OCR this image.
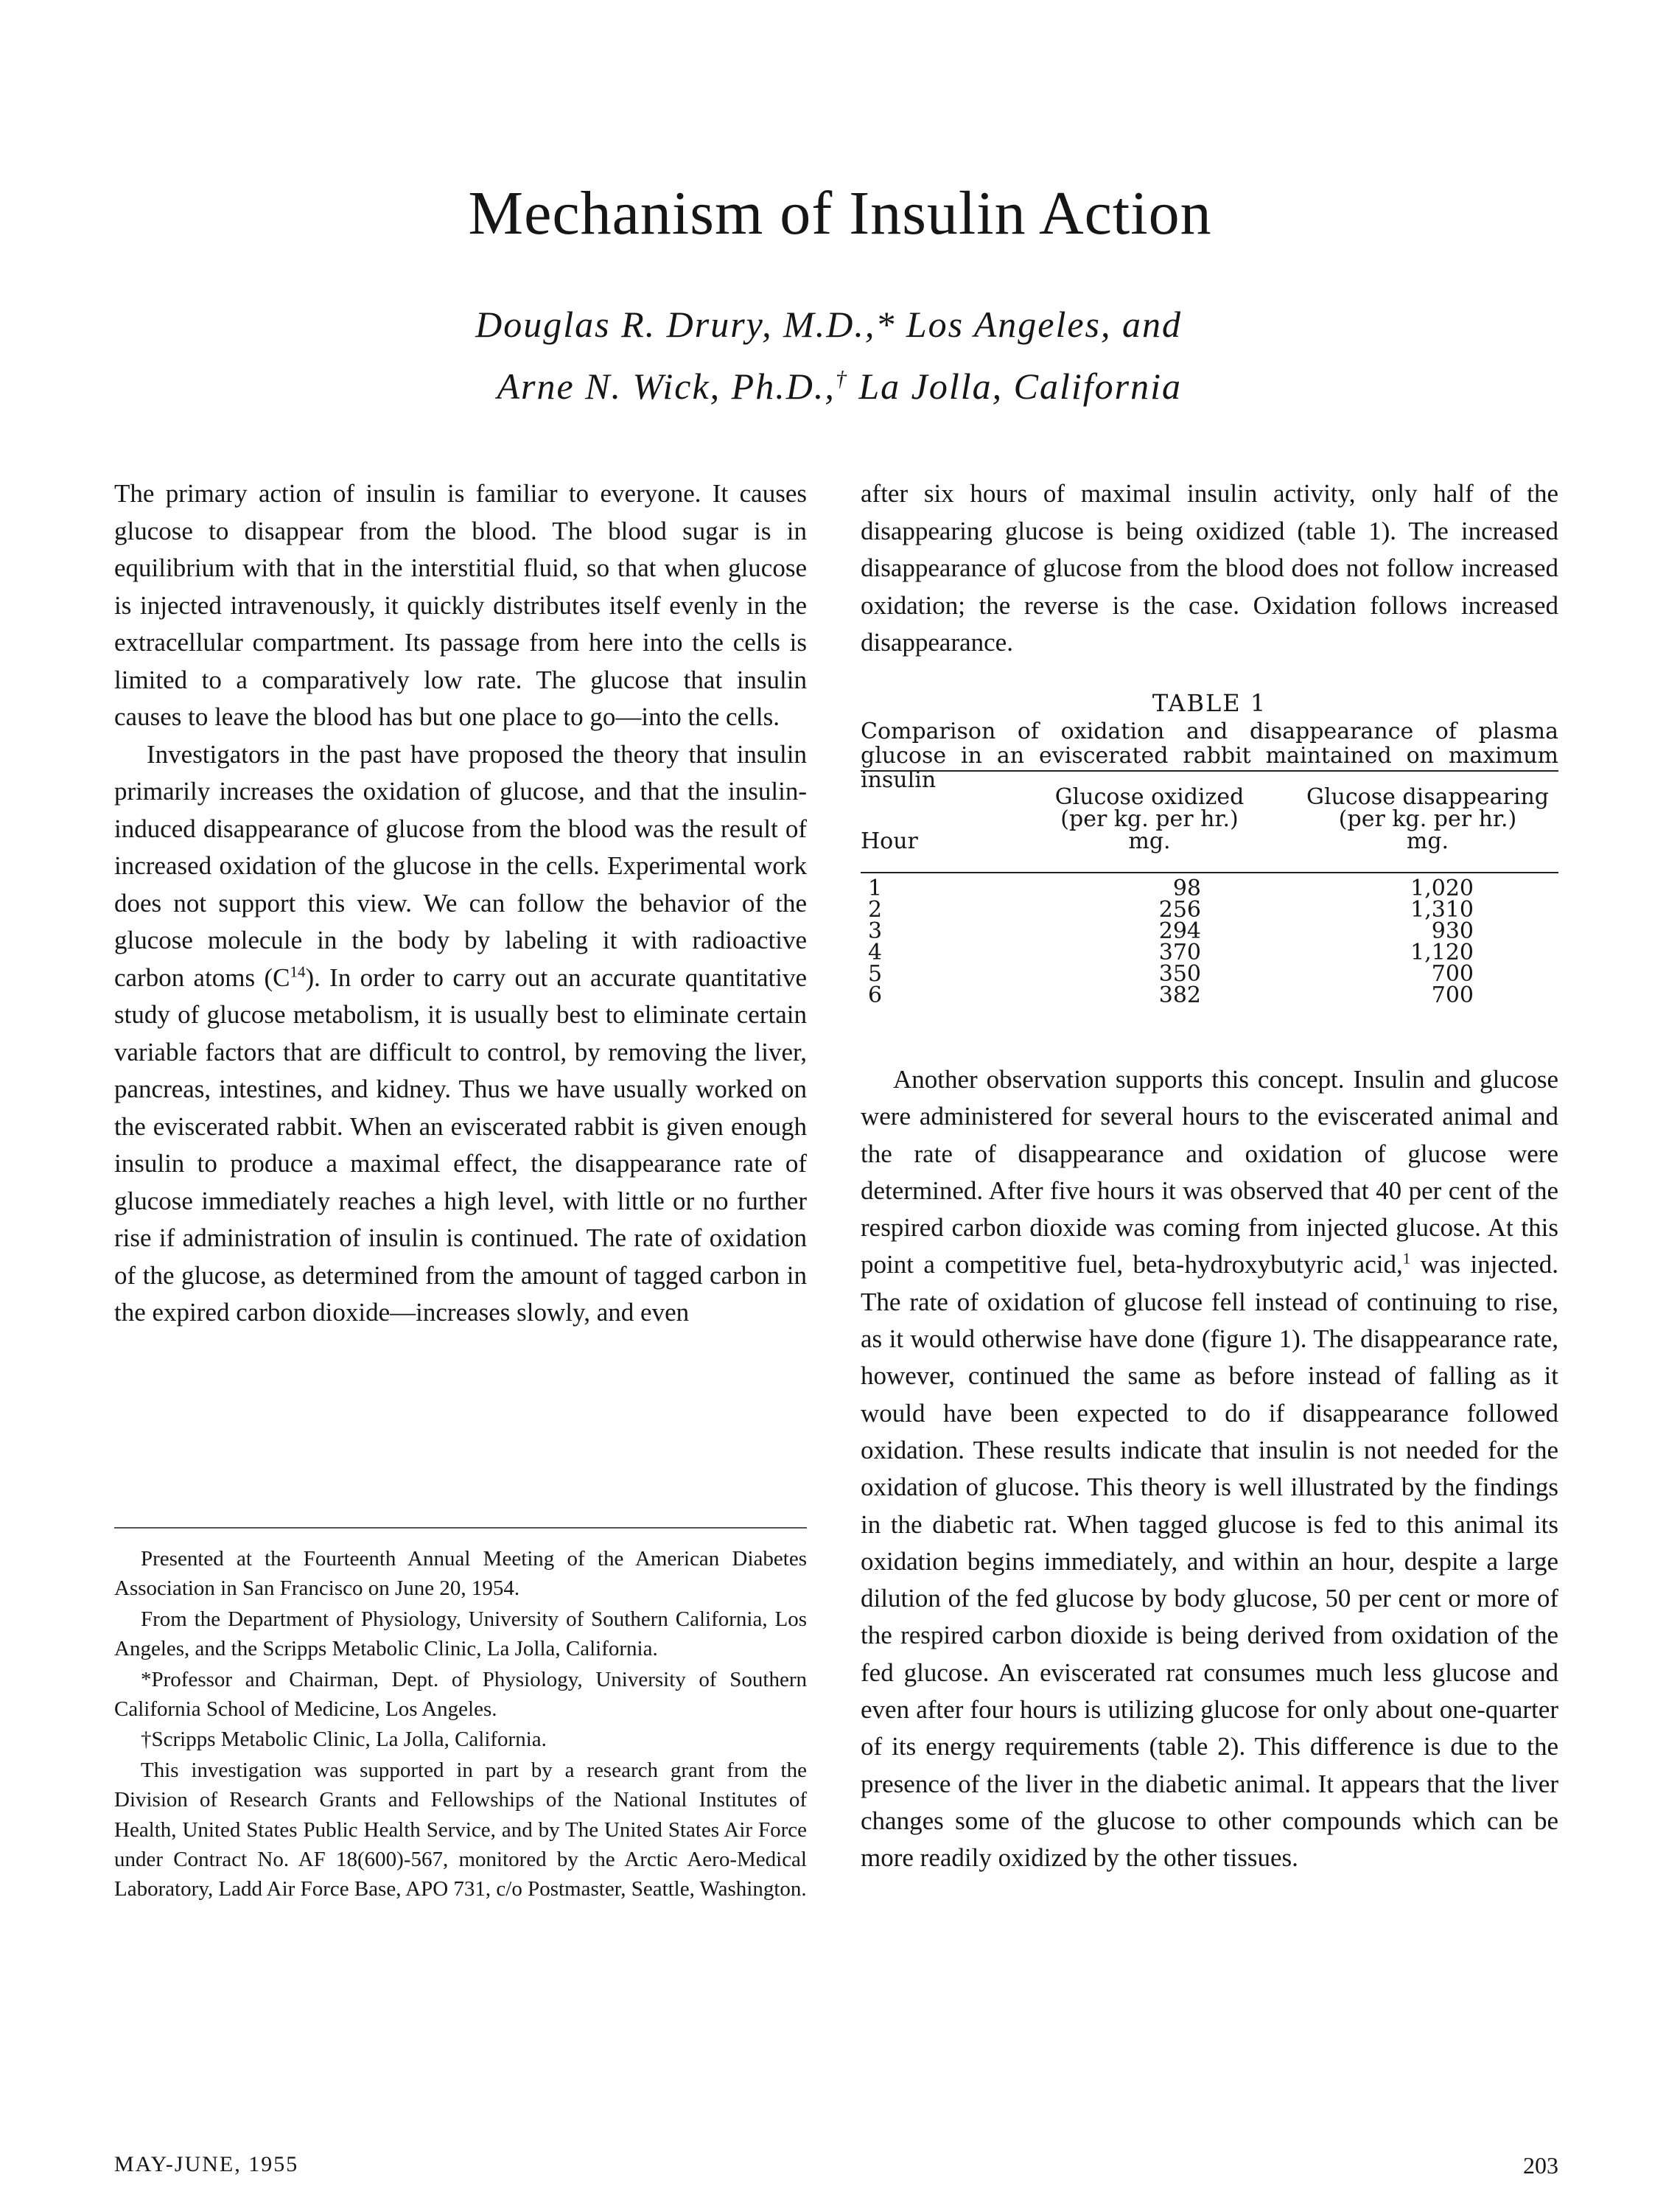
Mechanism of Insulin Action
Douglas R. Drury, M.D.,* Los Angeles, and
Arne N. Wick, Ph.D.,† La Jolla, California

The primary action of insulin is familiar to everyone. It causes glucose to disappear from the blood. The blood sugar is in equilibrium with that in the interstitial fluid, so that when glucose is injected intravenously, it quickly distributes itself evenly in the extracellular compartment. Its passage from here into the cells is limited to a comparatively low rate. The glucose that insulin causes to leave the blood has but one place to go—into the cells.

Investigators in the past have proposed the theory that insulin primarily increases the oxidation of glucose, and that the insulin-induced disappearance of glucose from the blood was the result of increased oxidation of the glucose in the cells. Experimental work does not support this view. We can follow the behavior of the glucose molecule in the body by labeling it with radioactive carbon atoms $(C^{14})$. In order to carry out an accurate quantitative study of glucose metabolism, it is usually best to eliminate certain variable factors that are difficult to control, by removing the liver, pancreas, intestines, and kidney. Thus we have usually worked on the eviscerated rabbit. When an eviscerated rabbit is given enough insulin to produce a maximal effect, the disappearance rate of glucose immediately reaches a high level, with little or no further rise if administration of insulin is continued. The rate of oxidation of the glucose, as determined from the amount of tagged carbon in the expired carbon dioxide—increases slowly, and even

Presented at the Fourteenth Annual Meeting of the American Diabetes Association in San Francisco on June 20, 1954.

From the Department of Physiology, University of Southern California, Los Angeles, and the Scripps Metabolic Clinic, La Jolla, California.

*Professor and Chairman, Dept. of Physiology, University of Southern California School of Medicine, Los Angeles.

†Scripps Metabolic Clinic, La Jolla, California.

This investigation was supported in part by a research grant from the Division of Research Grants and Fellowships of the National Institutes of Health, United States Public Health Service, and by The United States Air Force under Contract No. AF 18(600)-567, monitored by the Arctic Aero-Medical Laboratory, Ladd Air Force Base, APO 731, c/o Postmaster, Seattle, Washington.

after six hours of maximal insulin activity, only half of the disappearing glucose is being oxidized (table 1). The increased disappearance of glucose from the blood does not follow increased oxidation; the reverse is the case. Oxidation follows increased disappearance.

TABLE 1
Comparison of oxidation and disappearance of plasma glucose in an eviscerated rabbit maintained on maximum insulin
Glucose oxidized
(per kg. per hr.)
mg.
Glucose disappearing
(per kg. per hr.)
mg.
Hour
1	98	1,020
2	256	1,310
3	294	930
4	370	1,120
5	350	700
6	382	700

Another observation supports this concept. Insulin and glucose were administered for several hours to the eviscerated animal and the rate of disappearance and oxidation of glucose were determined. After five hours it was observed that 40 per cent of the respired carbon dioxide was coming from injected glucose. At this point a competitive fuel, beta-hydroxybutyric acid,$^1$ was injected. The rate of oxidation of glucose fell instead of continuing to rise, as it would otherwise have done (figure 1). The disappearance rate, however, continued the same as before instead of falling as it would have been expected to do if disappearance followed oxidation. These results indicate that insulin is not needed for the oxidation of glucose. This theory is well illustrated by the findings in the diabetic rat. When tagged glucose is fed to this animal its oxidation begins immediately, and within an hour, despite a large dilution of the fed glucose by body glucose, 50 per cent or more of the respired carbon dioxide is being derived from oxidation of the fed glucose. An eviscerated rat consumes much less glucose and even after four hours is utilizing glucose for only about one-quarter of its energy requirements (table 2). This difference is due to the presence of the liver in the diabetic animal. It appears that the liver changes some of the glucose to other compounds which can be more readily oxidized by the other tissues.

MAY-JUNE, 1955	203
